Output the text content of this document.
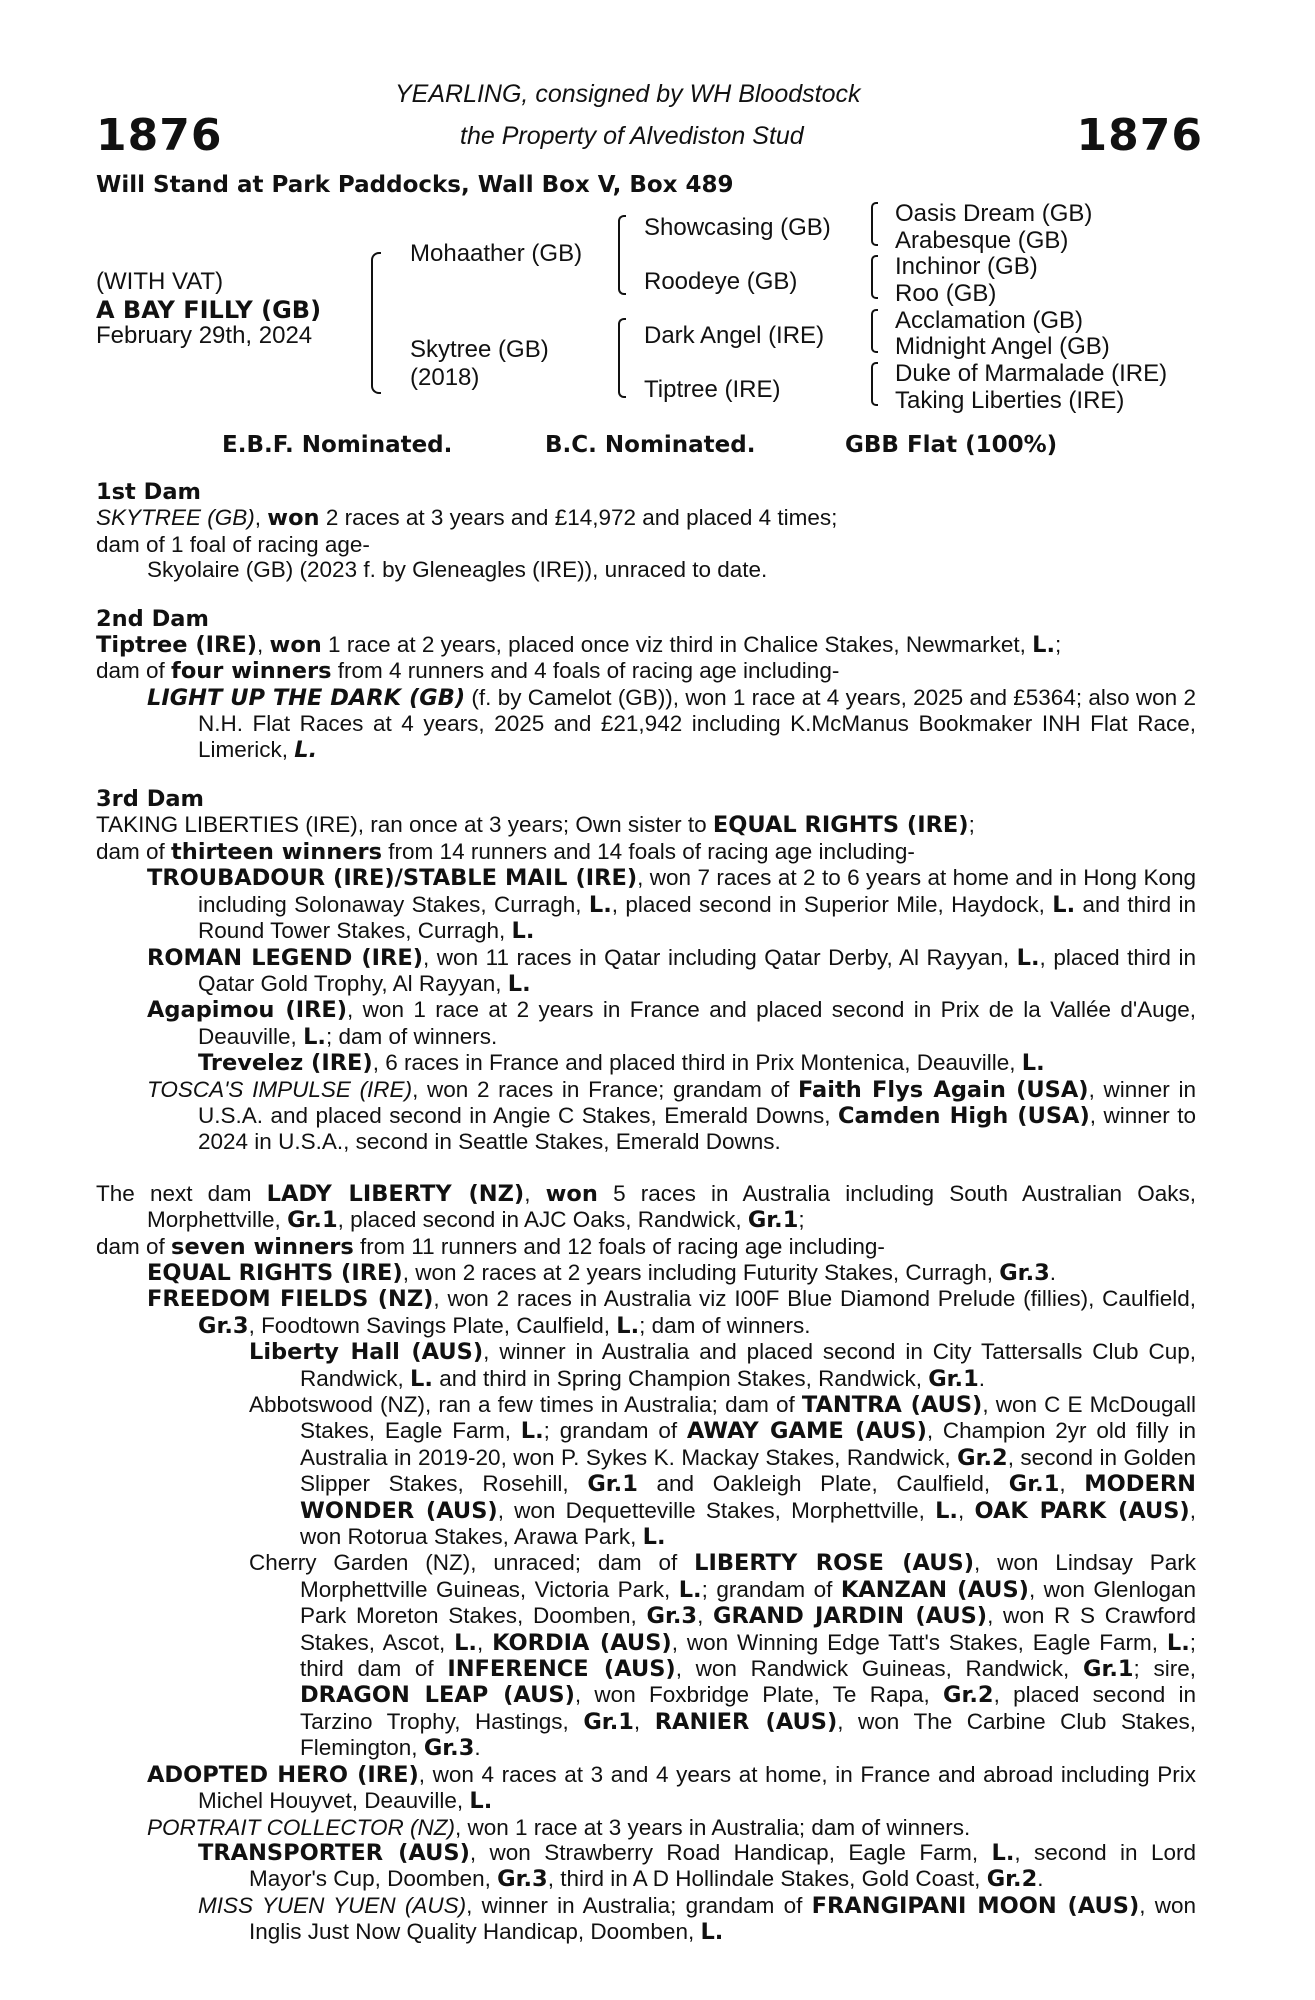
1876	1876
YEARLING, consigned by WH Bloodstock
the Property of Alvediston Stud
Will Stand at Park Paddocks, Wall Box V, Box 489
(WITH VAT)
A BAY FILLY (GB)
February 29th, 2024
Mohaather (GB)
Skytree (GB)
(2018)
Showcasing (GB)
Roodeye (GB)
Dark Angel (IRE)
Tiptree (IRE)
Oasis Dream (GB)
Arabesque (GB)
Inchinor (GB)
Roo (GB)
Acclamation (GB)
Midnight Angel (GB)
Duke of Marmalade (IRE)
Taking Liberties (IRE)
E.B.F. Nominated.	B.C. Nominated.	GBB Flat (100%)

1st Dam

SKYTREE (GB), won 2 races at 3 years and £14,972 and placed 4 times;

dam of 1 foal of racing age-

Skyolaire (GB) (2023 f. by Gleneagles (IRE)), unraced to date.

2nd Dam

Tiptree (IRE), won 1 race at 2 years, placed once viz third in Chalice Stakes, Newmarket, L.;

dam of four winners from 4 runners and 4 foals of racing age including-

LIGHT UP THE DARK (GB) (f. by Camelot (GB)), won 1 race at 4 years, 2025 and £5364; also won 2 N.H. Flat Races at 4 years, 2025 and £21,942 including K.McManus Bookmaker INH Flat Race, Limerick, L.

3rd Dam

TAKING LIBERTIES (IRE), ran once at 3 years; Own sister to EQUAL RIGHTS (IRE);

dam of thirteen winners from 14 runners and 14 foals of racing age including-

TROUBADOUR (IRE)/STABLE MAIL (IRE), won 7 races at 2 to 6 years at home and in Hong Kong including Solonaway Stakes, Curragh, L., placed second in Superior Mile, Haydock, L. and third in Round Tower Stakes, Curragh, L.

ROMAN LEGEND (IRE), won 11 races in Qatar including Qatar Derby, Al Rayyan, L., placed third in Qatar Gold Trophy, Al Rayyan, L.

Agapimou (IRE), won 1 race at 2 years in France and placed second in Prix de la Vallée d'Auge, Deauville, L.; dam of winners.

Trevelez (IRE), 6 races in France and placed third in Prix Montenica, Deauville, L.

TOSCA'S IMPULSE (IRE), won 2 races in France; grandam of Faith Flys Again (USA), winner in U.S.A. and placed second in Angie C Stakes, Emerald Downs, Camden High (USA), winner to 2024 in U.S.A., second in Seattle Stakes, Emerald Downs.

The next dam LADY LIBERTY (NZ), won 5 races in Australia including South Australian Oaks, Morphettville, Gr.1, placed second in AJC Oaks, Randwick, Gr.1;

dam of seven winners from 11 runners and 12 foals of racing age including-

EQUAL RIGHTS (IRE), won 2 races at 2 years including Futurity Stakes, Curragh, Gr.3.

FREEDOM FIELDS (NZ), won 2 races in Australia viz I00F Blue Diamond Prelude (fillies), Caulfield, Gr.3, Foodtown Savings Plate, Caulfield, L.; dam of winners.

Liberty Hall (AUS), winner in Australia and placed second in City Tattersalls Club Cup, Randwick, L. and third in Spring Champion Stakes, Randwick, Gr.1.

Abbotswood (NZ), ran a few times in Australia; dam of TANTRA (AUS), won C E McDougall Stakes, Eagle Farm, L.; grandam of AWAY GAME (AUS), Champion 2yr old filly in Australia in 2019-20, won P. Sykes K. Mackay Stakes, Randwick, Gr.2, second in Golden Slipper Stakes, Rosehill, Gr.1 and Oakleigh Plate, Caulfield, Gr.1, MODERN WONDER (AUS), won Dequetteville Stakes, Morphettville, L., OAK PARK (AUS), won Rotorua Stakes, Arawa Park, L.

Cherry Garden (NZ), unraced; dam of LIBERTY ROSE (AUS), won Lindsay Park Morphettville Guineas, Victoria Park, L.; grandam of KANZAN (AUS), won Glenlogan Park Moreton Stakes, Doomben, Gr.3, GRAND JARDIN (AUS), won R S Crawford Stakes, Ascot, L., KORDIA (AUS), won Winning Edge Tatt's Stakes, Eagle Farm, L.; third dam of INFERENCE (AUS), won Randwick Guineas, Randwick, Gr.1; sire, DRAGON LEAP (AUS), won Foxbridge Plate, Te Rapa, Gr.2, placed second in Tarzino Trophy, Hastings, Gr.1, RANIER (AUS), won The Carbine Club Stakes, Flemington, Gr.3.

ADOPTED HERO (IRE), won 4 races at 3 and 4 years at home, in France and abroad including Prix Michel Houyvet, Deauville, L.

PORTRAIT COLLECTOR (NZ), won 1 race at 3 years in Australia; dam of winners.

TRANSPORTER (AUS), won Strawberry Road Handicap, Eagle Farm, L., second in Lord Mayor's Cup, Doomben, Gr.3, third in A D Hollindale Stakes, Gold Coast, Gr.2.

MISS YUEN YUEN (AUS), winner in Australia; grandam of FRANGIPANI MOON (AUS), won Inglis Just Now Quality Handicap, Doomben, L.
